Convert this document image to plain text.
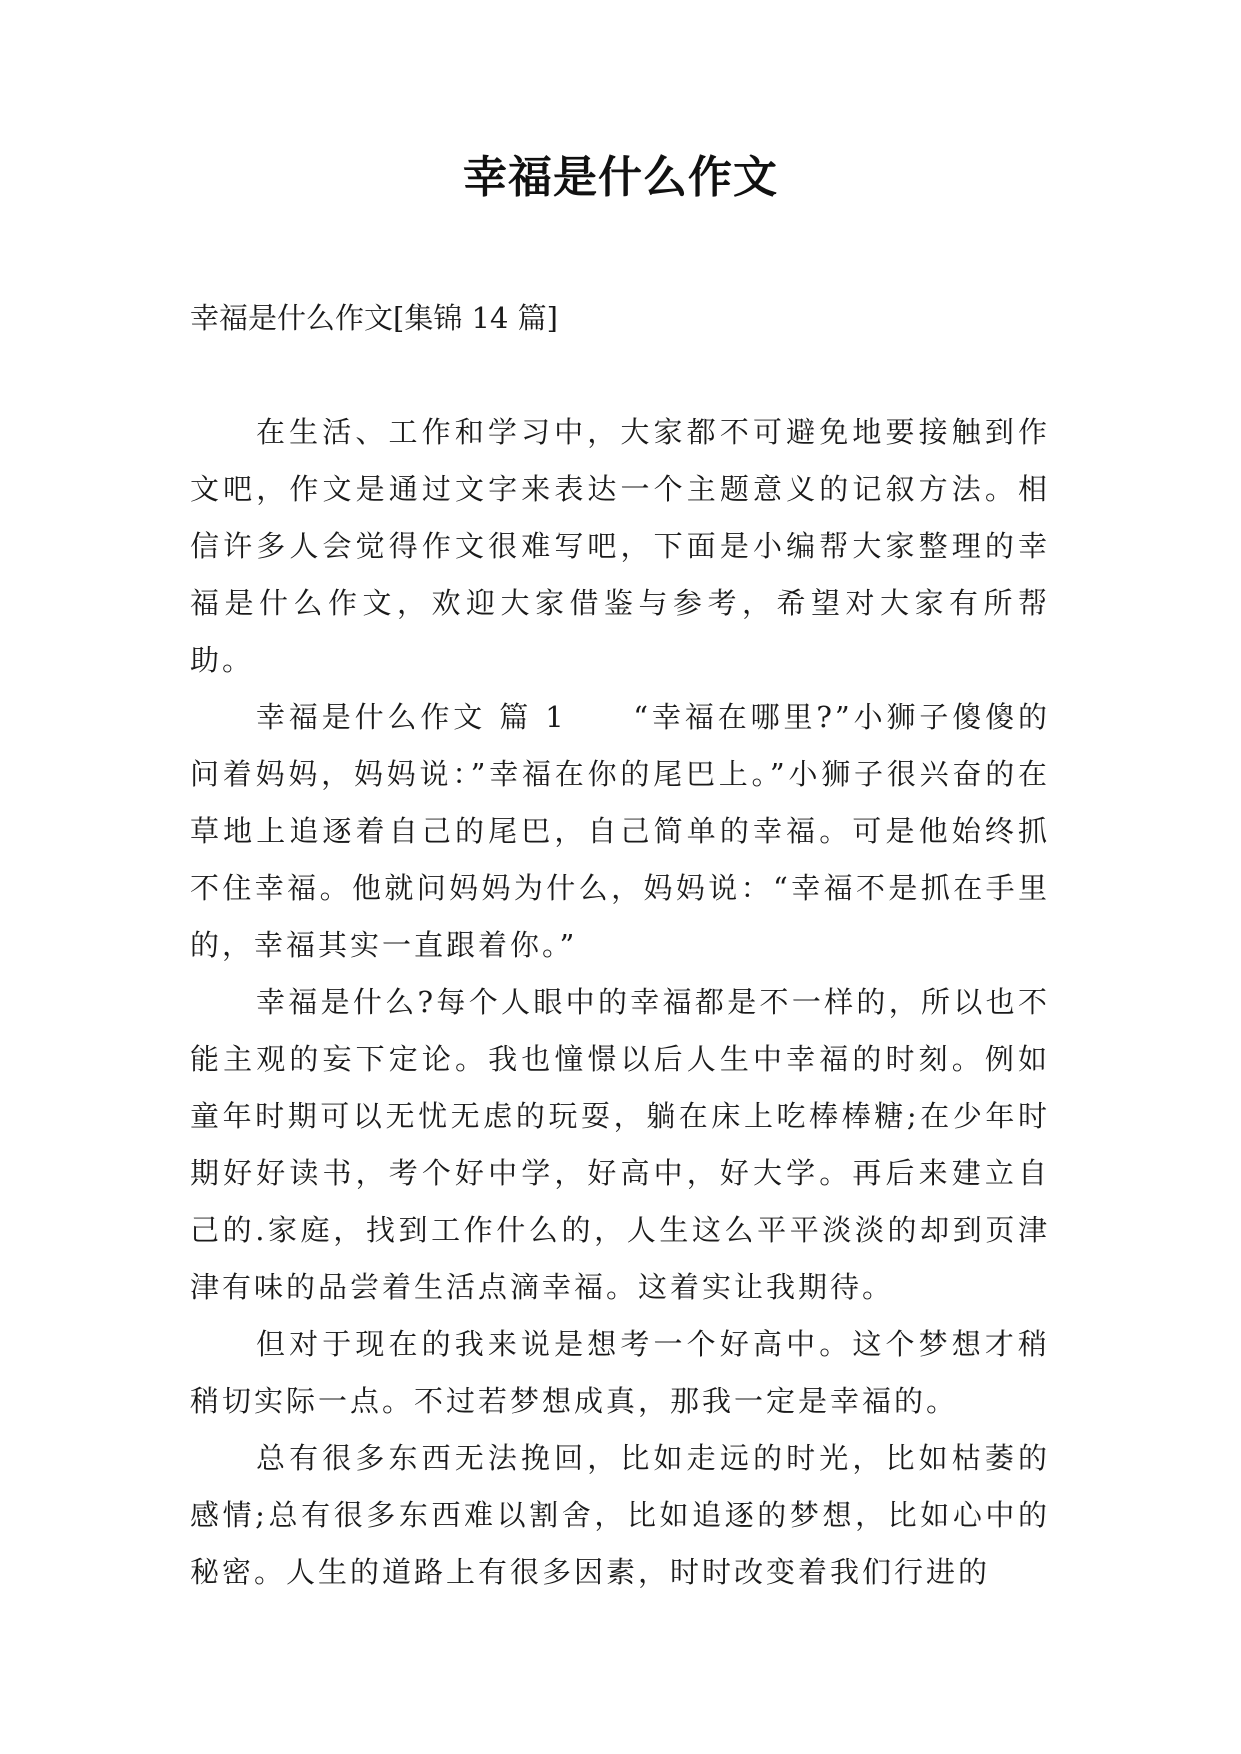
幸福是什么作文
幸福是什么作文[集锦 14 篇]

在生活、工作和学习中，大家都不可避免地要接触到作文吧，作文是通过文字来表达一个主题意义的记叙方法。相信许多人会觉得作文很难写吧，下面是小编帮大家整理的幸福是什么作文，欢迎大家借鉴与参考，希望对大家有所帮助。

幸福是什么作文 篇 1　　“幸福在哪里?”小狮子傻傻的问着妈妈，妈妈说：”幸福在你的尾巴上。”小狮子很兴奋的在草地上追逐着自己的尾巴，自己简单的幸福。可是他始终抓不住幸福。他就问妈妈为什么，妈妈说：“幸福不是抓在手里的，幸福其实一直跟着你。”

幸福是什么?每个人眼中的幸福都是不一样的，所以也不能主观的妄下定论。我也憧憬以后人生中幸福的时刻。例如童年时期可以无忧无虑的玩耍，躺在床上吃棒棒糖;在少年时期好好读书，考个好中学，好高中，好大学。再后来建立自己的.家庭，找到工作什么的，人生这么平平淡淡的却到页津津有味的品尝着生活点滴幸福。这着实让我期待。

但对于现在的我来说是想考一个好高中。这个梦想才稍稍切实际一点。不过若梦想成真，那我一定是幸福的。

总有很多东西无法挽回，比如走远的时光，比如枯萎的感情;总有很多东西难以割舍，比如追逐的梦想，比如心中的秘密。人生的道路上有很多因素，时时改变着我们行进的
